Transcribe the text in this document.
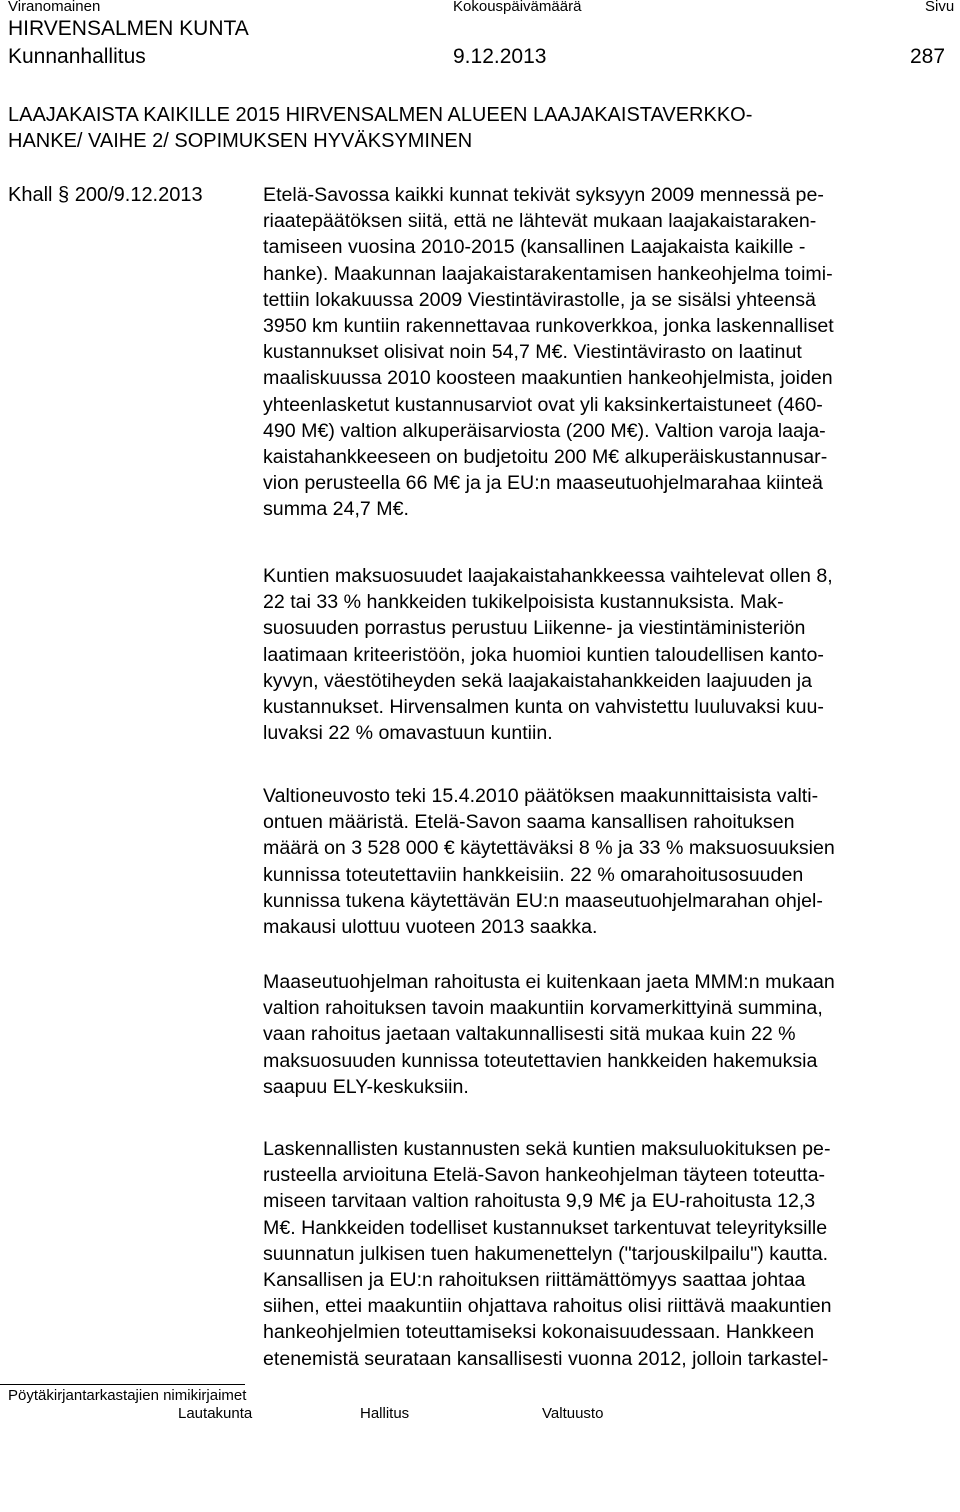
Viranomainen	Kokouspäivämäärä	Sivu
HIRVENSALMEN KUNTA
Kunnanhallitus	9.12.2013	287
LAAJAKAISTA KAIKILLE 2015 HIRVENSALMEN ALUEEN LAAJAKAISTAVERKKO-
HANKE/ VAIHE 2/ SOPIMUKSEN HYVÄKSYMINEN
Khall § 200/9.12.2013	Etelä-Savossa kaikki kunnat tekivät syksyyn 2009 mennessä pe-
riaatepäätöksen siitä, että ne lähtevät mukaan laajakaistaraken-
tamiseen vuosina 2010-2015 (kansallinen Laajakaista kaikille -
hanke). Maakunnan laajakaistarakentamisen hankeohjelma toimi-
tettiin lokakuussa 2009 Viestintävirastolle, ja se sisälsi yhteensä
3950 km kuntiin rakennettavaa runkoverkkoa, jonka laskennalliset
kustannukset olisivat noin 54,7 M€. Viestintävirasto on laatinut
maaliskuussa 2010 koosteen maakuntien hankeohjelmista, joiden
yhteenlasketut kustannusarviot ovat yli kaksinkertaistuneet (460-
490 M€) valtion alkuperäisarviosta (200 M€). Valtion varoja laaja-
kaistahankkeeseen on budjetoitu 200 M€ alkuperäiskustannusar-
vion perusteella 66 M€ ja ja EU:n maaseutuohjelmarahaa kiinteä
summa 24,7 M€.
Kuntien maksuosuudet laajakaistahankkeessa vaihtelevat ollen 8,
22 tai 33 % hankkeiden tukikelpoisista kustannuksista. Mak-
suosuuden porrastus perustuu Liikenne- ja viestintäministeriön
laatimaan kriteeristöön, joka huomioi kuntien taloudellisen kanto-
kyvyn, väestötiheyden sekä laajakaistahankkeiden laajuuden ja
kustannukset. Hirvensalmen kunta on vahvistettu luuluvaksi kuu-
luvaksi 22 % omavastuun kuntiin.
Valtioneuvosto teki 15.4.2010 päätöksen maakunnittaisista valti-
ontuen määristä. Etelä-Savon saama kansallisen rahoituksen
määrä on 3 528 000 € käytettäväksi 8 % ja 33 % maksuosuuksien
kunnissa toteutettaviin hankkeisiin. 22 % omarahoitusosuuden
kunnissa tukena käytettävän EU:n maaseutuohjelmarahan ohjel-
makausi ulottuu vuoteen 2013 saakka.
Maaseutuohjelman rahoitusta ei kuitenkaan jaeta MMM:n mukaan
valtion rahoituksen tavoin maakuntiin korvamerkittyinä summina,
vaan rahoitus jaetaan valtakunnallisesti sitä mukaa kuin 22 %
maksuosuuden kunnissa toteutettavien hankkeiden hakemuksia
saapuu ELY-keskuksiin.
Laskennallisten kustannusten sekä kuntien maksuluokituksen pe-
rusteella arvioituna Etelä-Savon hankeohjelman täyteen toteutta-
miseen tarvitaan valtion rahoitusta 9,9 M€ ja EU-rahoitusta 12,3
M€. Hankkeiden todelliset kustannukset tarkentuvat teleyrityksille
suunnatun julkisen tuen hakumenettelyn ("tarjouskilpailu") kautta.
Kansallisen ja EU:n rahoituksen riittämättömyys saattaa johtaa
siihen, ettei maakuntiin ohjattava rahoitus olisi riittävä maakuntien
hankeohjelmien toteuttamiseksi kokonaisuudessaan. Hankkeen
etenemistä seurataan kansallisesti vuonna 2012, jolloin tarkastel-
Pöytäkirjantarkastajien nimikirjaimet
Lautakunta	Hallitus	Valtuusto
